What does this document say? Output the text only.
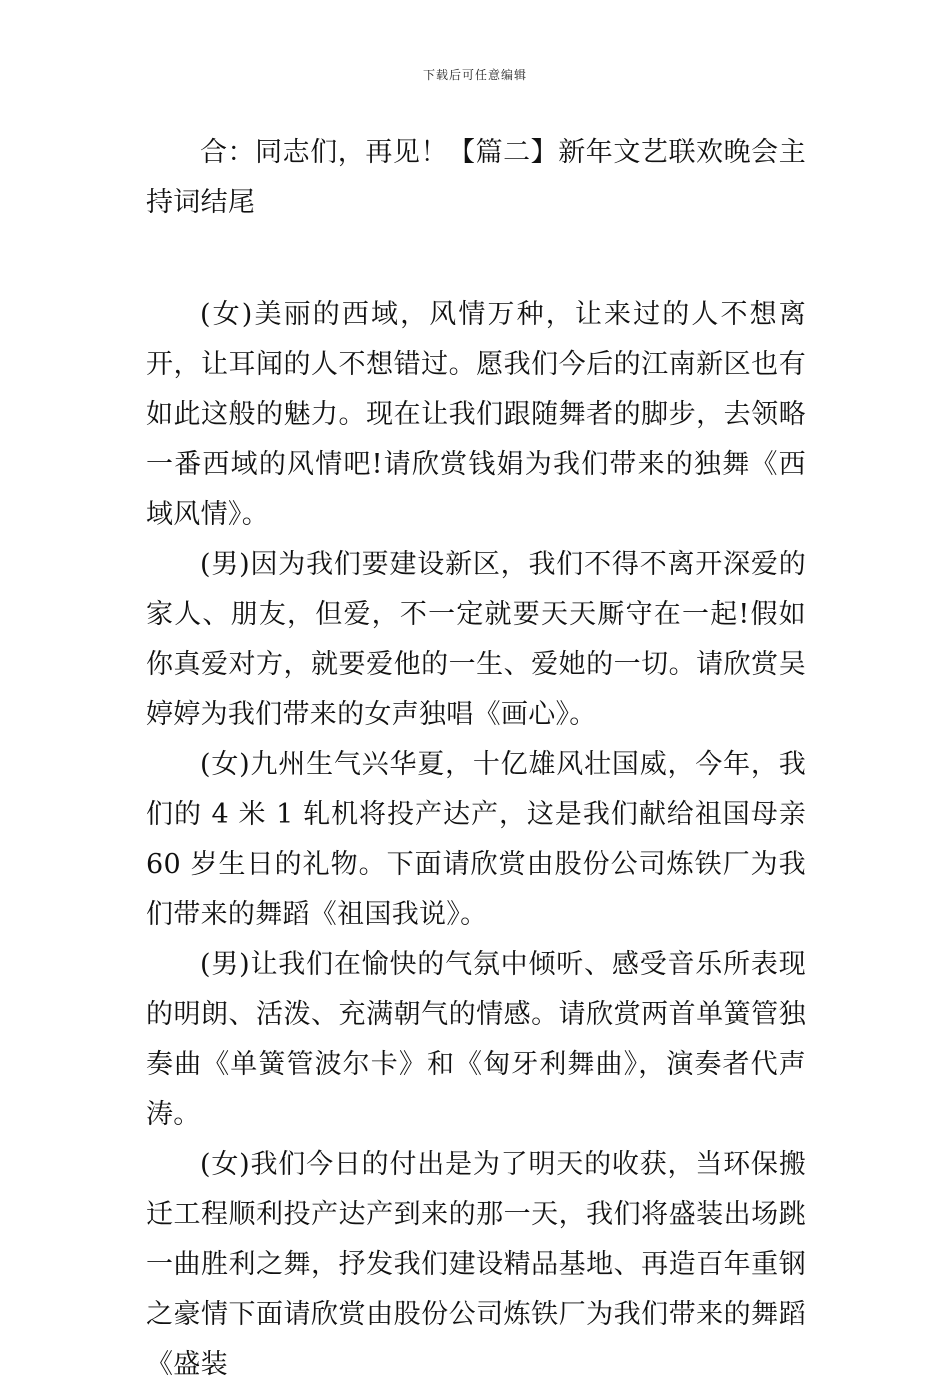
下载后可任意编辑

合：同志们，再见！【篇二】新年文艺联欢晚会主持词结尾

(女)美丽的西域，风情万种，让来过的人不想离开，让耳闻的人不想错过。愿我们今后的江南新区也有如此这般的魅力。现在让我们跟随舞者的脚步，去领略一番西域的风情吧!请欣赏钱娟为我们带来的独舞《西域风情》。

(男)因为我们要建设新区，我们不得不离开深爱的家人、朋友，但爱，不一定就要天天厮守在一起!假如你真爱对方，就要爱他的一生、爱她的一切。请欣赏吴婷婷为我们带来的女声独唱《画心》。

(女)九州生气兴华夏，十亿雄风壮国威，今年，我们的 4 米 1 轧机将投产达产，这是我们献给祖国母亲 60 岁生日的礼物。下面请欣赏由股份公司炼铁厂为我们带来的舞蹈《祖国我说》。

(男)让我们在愉快的气氛中倾听、感受音乐所表现的明朗、活泼、充满朝气的情感。请欣赏两首单簧管独奏曲《单簧管波尔卡》和《匈牙利舞曲》，演奏者代声涛。

(女)我们今日的付出是为了明天的收获，当环保搬迁工程顺利投产达产到来的那一天，我们将盛装出场跳一曲胜利之舞，抒发我们建设精品基地、再造百年重钢之豪情下面请欣赏由股份公司炼铁厂为我们带来的舞蹈《盛装
